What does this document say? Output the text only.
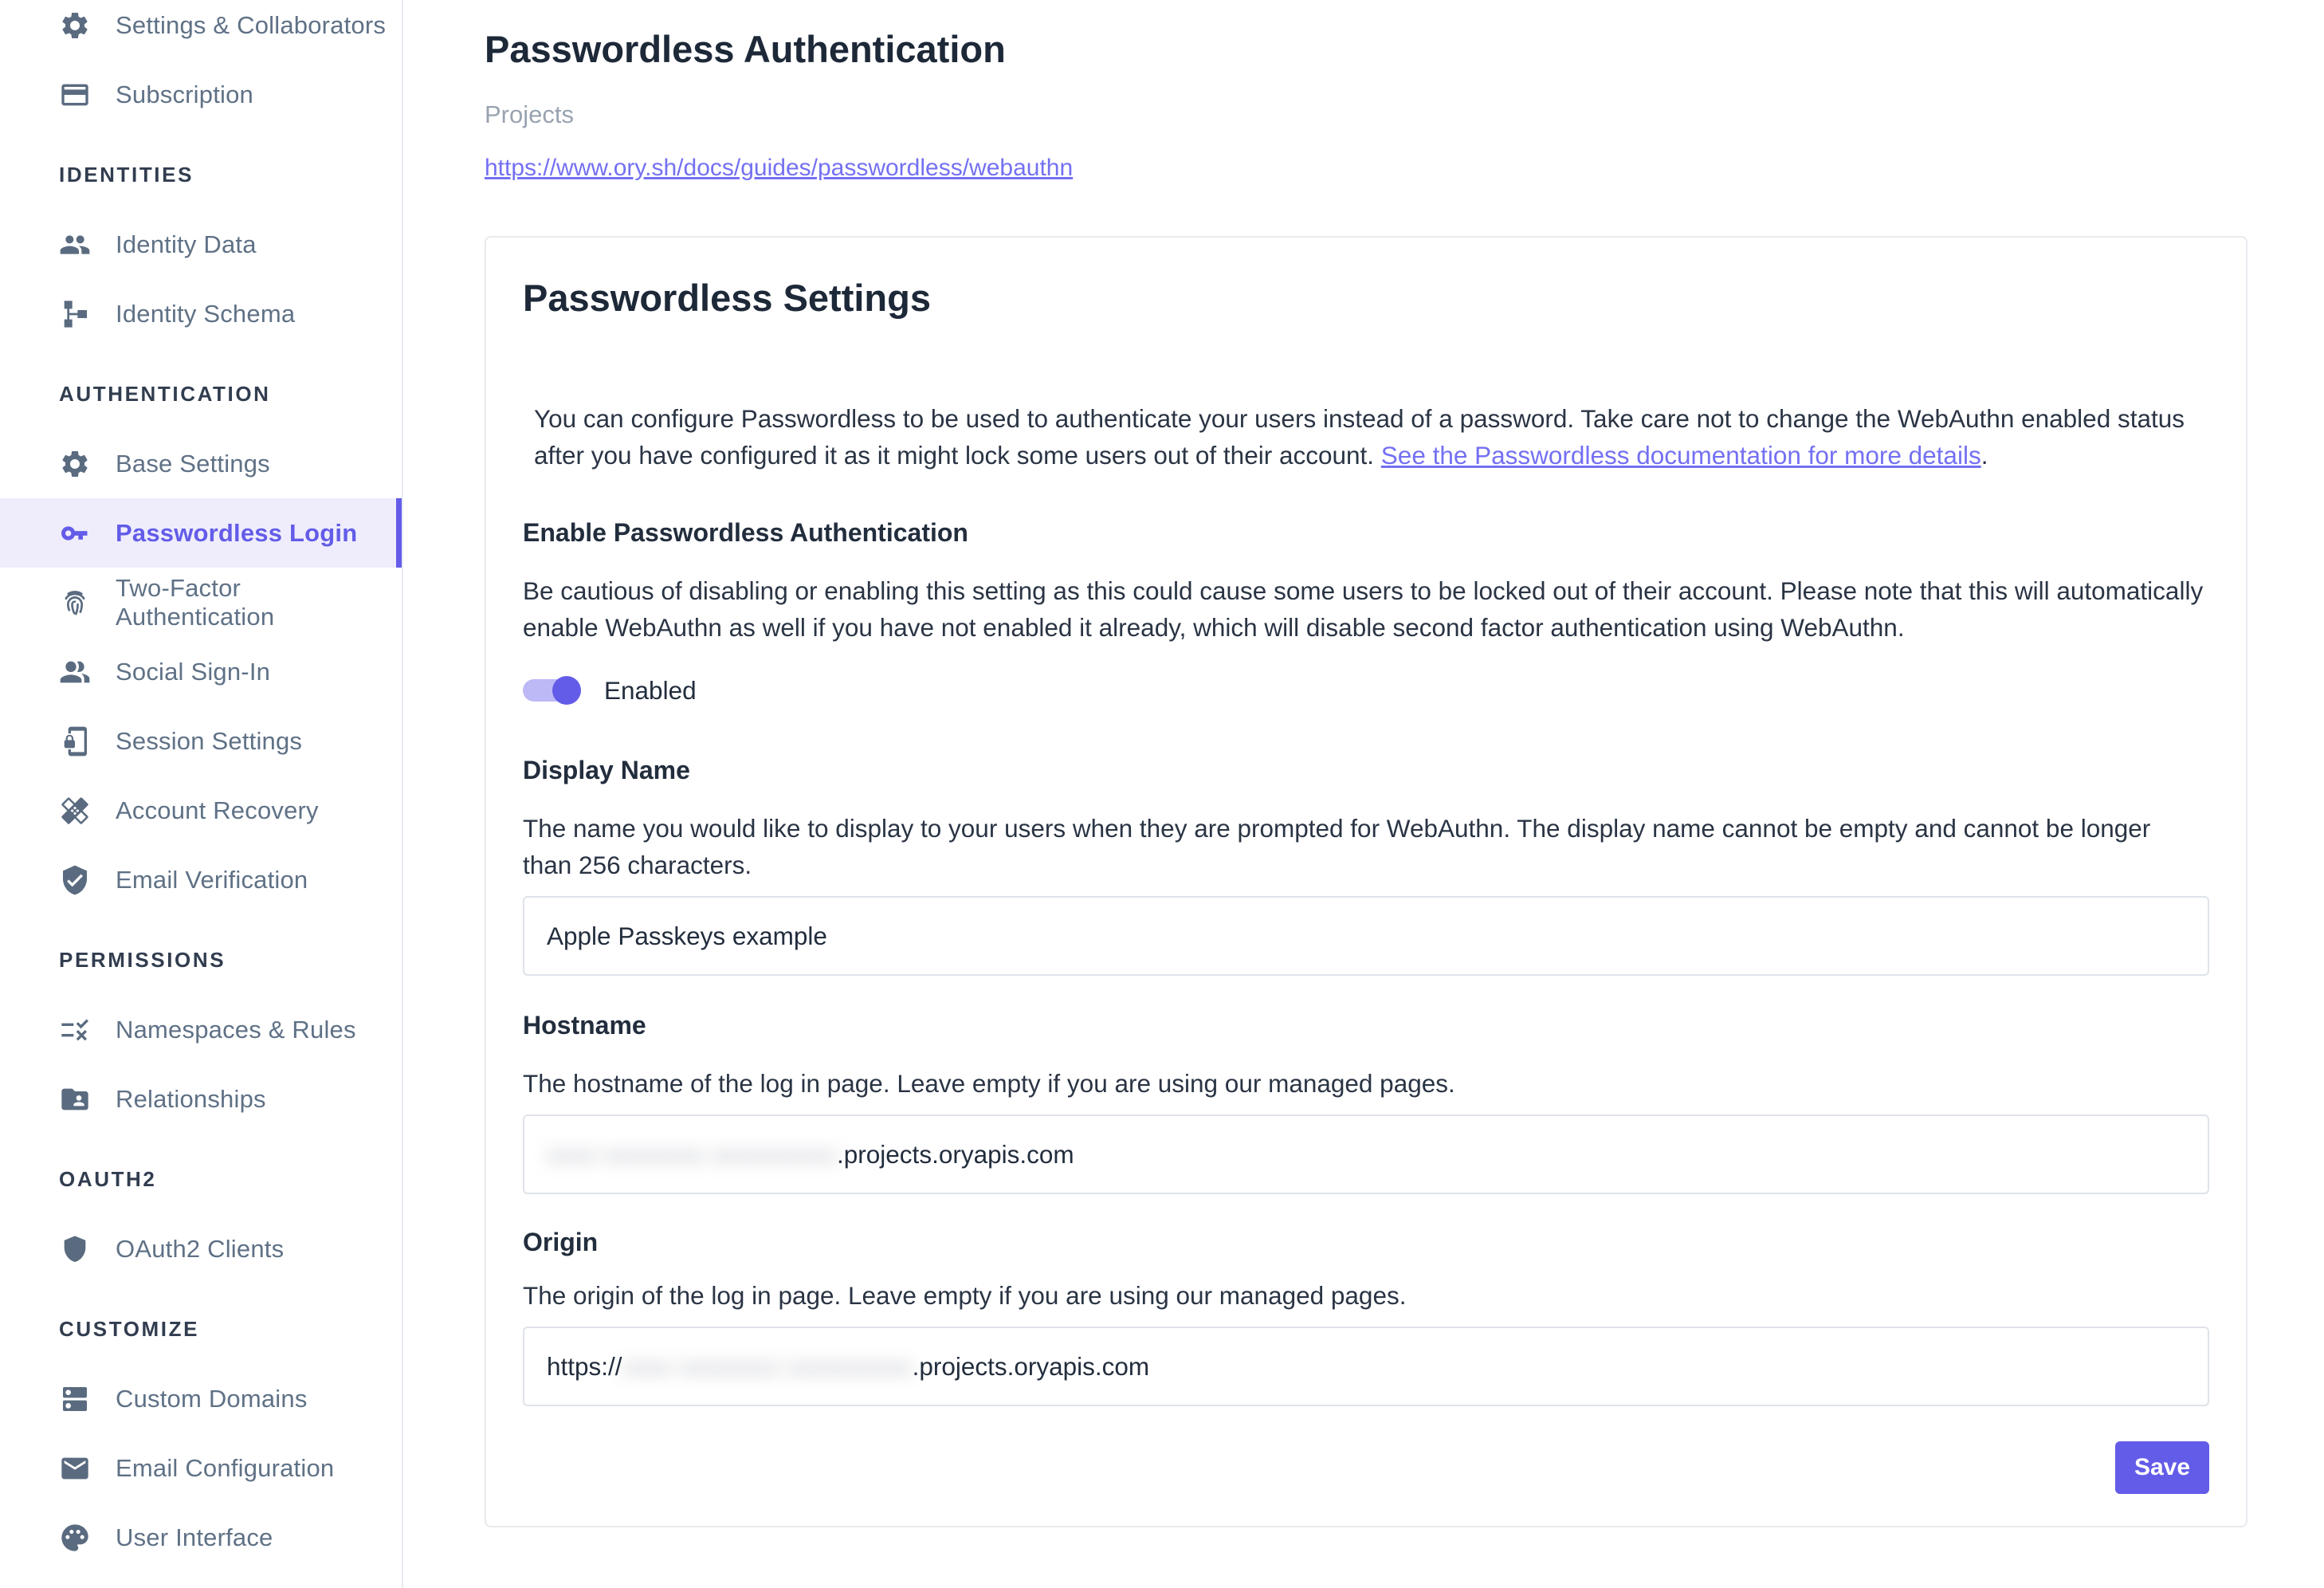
Settings & Collaborators
Subscription
IDENTITIES
Identity Data
Identity Schema
AUTHENTICATION
Base Settings
Passwordless Login
Two-Factor Authentication
Social Sign-In
Session Settings
Account Recovery
Email Verification
PERMISSIONS
Namespaces & Rules
Relationships
OAUTH2
OAuth2 Clients
CUSTOMIZE
Custom Domains
Email Configuration
User Interface
Passwordless Authentication
Projects
https://www.ory.sh/docs/guides/passwordless/webauthn
Passwordless Settings

You can configure Passwordless to be used to authenticate your users instead of a password. Take care not to change the WebAuthn enabled status after you have configured it as it might lock some users out of their account. See the Passwordless documentation for more details.

Enable Passwordless Authentication

Be cautious of disabling or enabling this setting as this could cause some users to be locked out of their account. Please note that this will automatically enable WebAuthn as well if you have not enabled it already, which will disable second factor authentication using WebAuthn.

Enabled
Display Name

The name you would like to display to your users when they are prompted for WebAuthn. The display name cannot be empty and cannot be longer than 256 characters.

Apple Passkeys example
Hostname

The hostname of the log in page. Leave empty if you are using our managed pages.

xxxx xxxxxxxx xxxxxxxxxx .projects.oryapis.com
Origin

The origin of the log in page. Leave empty if you are using our managed pages.

https:// xxxx xxxxxxxx xxxxxxxxxx .projects.oryapis.com
Save
